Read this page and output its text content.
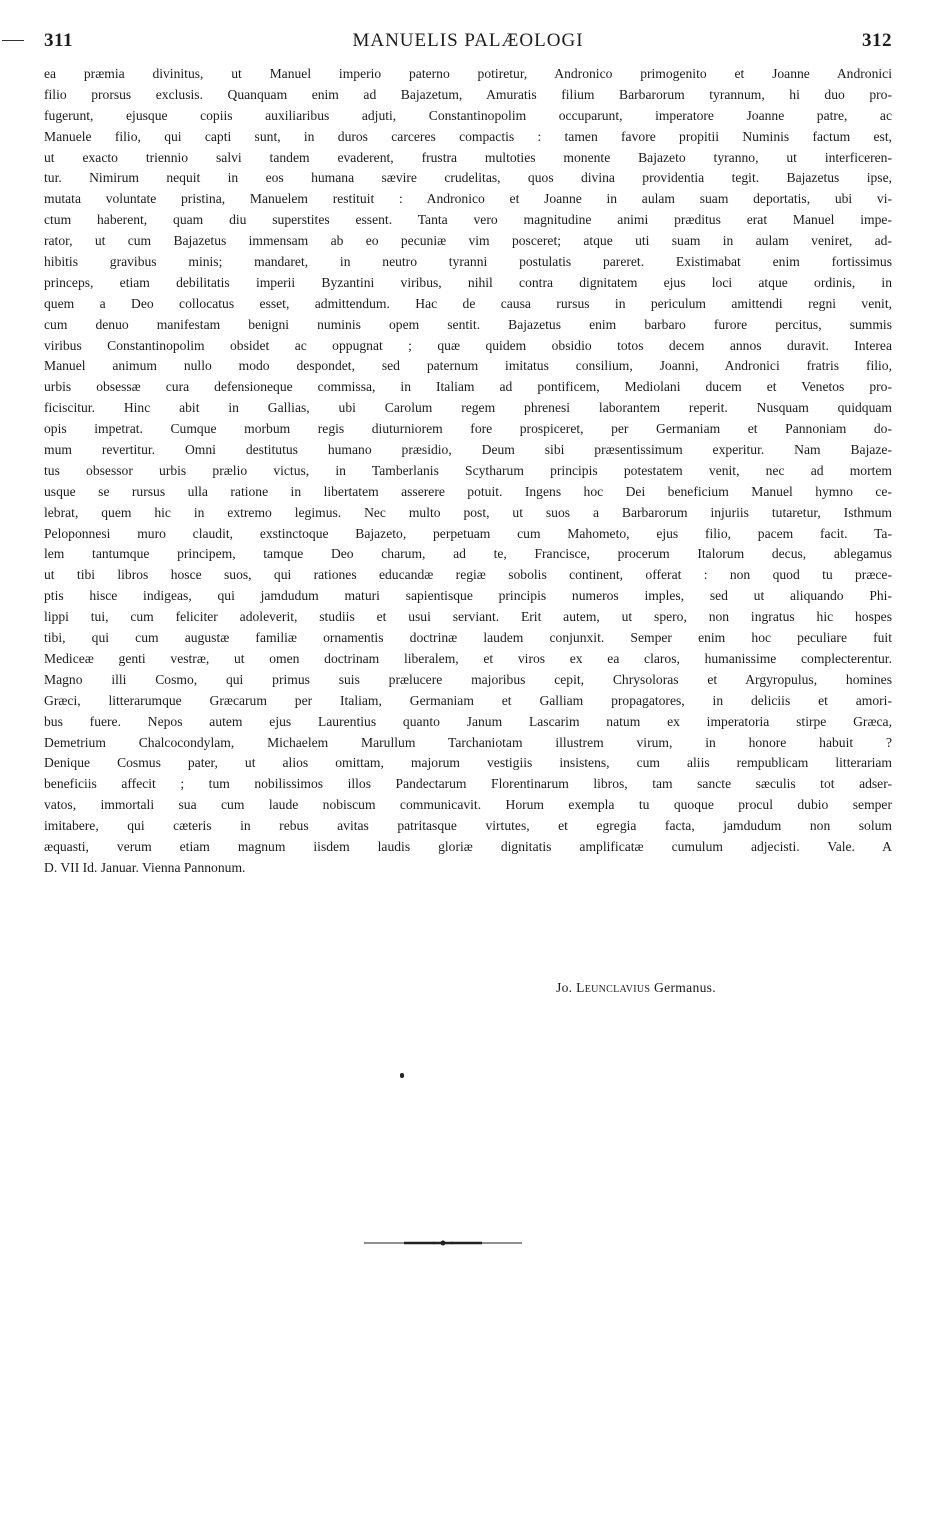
311	MANUELIS PALÆOLOGI	312
ea præmia divinitus, ut Manuel imperio paterno potiretur, Andronico primogenito et Joanne Andronici
filio prorsus exclusis. Quanquam enim ad Bajazetum, Amuratis filium Barbarorum tyrannum, hi duo pro-
fugerunt, ejusque copiis auxiliaribus adjuti, Constantinopolim occuparunt, imperatore Joanne patre, ac
Manuele filio, qui capti sunt, in duros carceres compactis : tamen favore propitii Numinis factum est,
ut exacto triennio salvi tandem evaderent, frustra multoties monente Bajazeto tyranno, ut interficeren-
tur. Nimirum nequit in eos humana sævire crudelitas, quos divina providentia tegit. Bajazetus ipse,
mutata voluntate pristina, Manuelem restituit : Andronico et Joanne in aulam suam deportatis, ubi vi-
ctum haberent, quam diu superstites essent. Tanta vero magnitudine animi præditus erat Manuel impe-
rator, ut cum Bajazetus immensam ab eo pecuniæ vim posceret; atque uti suam in aulam veniret, ad-
hibitis gravibus minis; mandaret, in neutro tyranni postulatis pareret. Existimabat enim fortissimus
princeps, etiam debilitatis imperii Byzantini viribus, nihil contra dignitatem ejus loci atque ordinis, in
quem a Deo collocatus esset, admittendum. Hac de causa rursus in periculum amittendi regni venit,
cum denuo manifestam benigni numinis opem sentit. Bajazetus enim barbaro furore percitus, summis
viribus Constantinopolim obsidet ac oppugnat ; quæ quidem obsidio totos decem annos duravit. Interea
Manuel animum nullo modo despondet, sed paternum imitatus consilium, Joanni, Andronici fratris filio,
urbis obsessæ cura defensioneque commissa, in Italiam ad pontificem, Mediolani ducem et Venetos pro-
ficiscitur. Hinc abit in Gallias, ubi Carolum regem phrenesi laborantem reperit. Nusquam quidquam
opis impetrat. Cumque morbum regis diuturniorem fore prospiceret, per Germaniam et Pannoniam do-
mum revertitur. Omni destitutus humano præsidio, Deum sibi præsentissimum experitur. Nam Bajaze-
tus obsessor urbis prælio victus, in Tamberlanis Scytharum principis potestatem venit, nec ad mortem
usque se rursus ulla ratione in libertatem asserere potuit. Ingens hoc Dei beneficium Manuel hymno ce-
lebrat, quem hic in extremo legimus. Nec multo post, ut suos a Barbarorum injuriis tutaretur, Isthmum
Peloponnesi muro claudit, exstinctoque Bajazeto, perpetuam cum Mahometo, ejus filio, pacem facit. Ta-
lem tantumque principem, tamque Deo charum, ad te, Francisce, procerum Italorum decus, ablegamus
ut tibi libros hosce suos, qui rationes educandæ regiæ sobolis continent, offerat : non quod tu præce-
ptis hisce indigeas, qui jamdudum maturi sapientisque principis numeros imples, sed ut aliquando Phi-
lippi tui, cum feliciter adoleverit, studiis et usui serviant. Erit autem, ut spero, non ingratus hic hospes
tibi, qui cum augustæ familiæ ornamentis doctrinæ laudem conjunxit. Semper enim hoc peculiare fuit
Mediceæ genti vestræ, ut omen doctrinam liberalem, et viros ex ea claros, humanissime complecterentur.
Magno illi Cosmo, qui primus suis prælucere majoribus cepit, Chrysoloras et Argyropulus, homines
Græci, litterarumque Græcarum per Italiam, Germaniam et Galliam propagatores, in deliciis et amori-
bus fuere. Nepos autem ejus Laurentius quanto Janum Lascarim natum ex imperatoria stirpe Græca,
Demetrium Chalcocondylam, Michaelem Marullum Tarchaniotam illustrem virum, in honore habuit ?
Denique Cosmus pater, ut alios omittam, majorum vestigiis insistens, cum aliis rempublicam litterariam
beneficiis affecit ; tum nobilissimos illos Pandectarum Florentinarum libros, tam sancte sæculis tot adser-
vatos, immortali sua cum laude nobiscum communicavit. Horum exempla tu quoque procul dubio semper
imitabere, qui cæteris in rebus avitas patritasque virtutes, et egregia facta, jamdudum non solum
æquasti, verum etiam magnum iisdem laudis gloriæ dignitatis amplificatæ cumulum adjecisti. Vale. A
D. VII Id. Januar. Vienna Pannonum.
Jo. Leunclavius Germanus.
